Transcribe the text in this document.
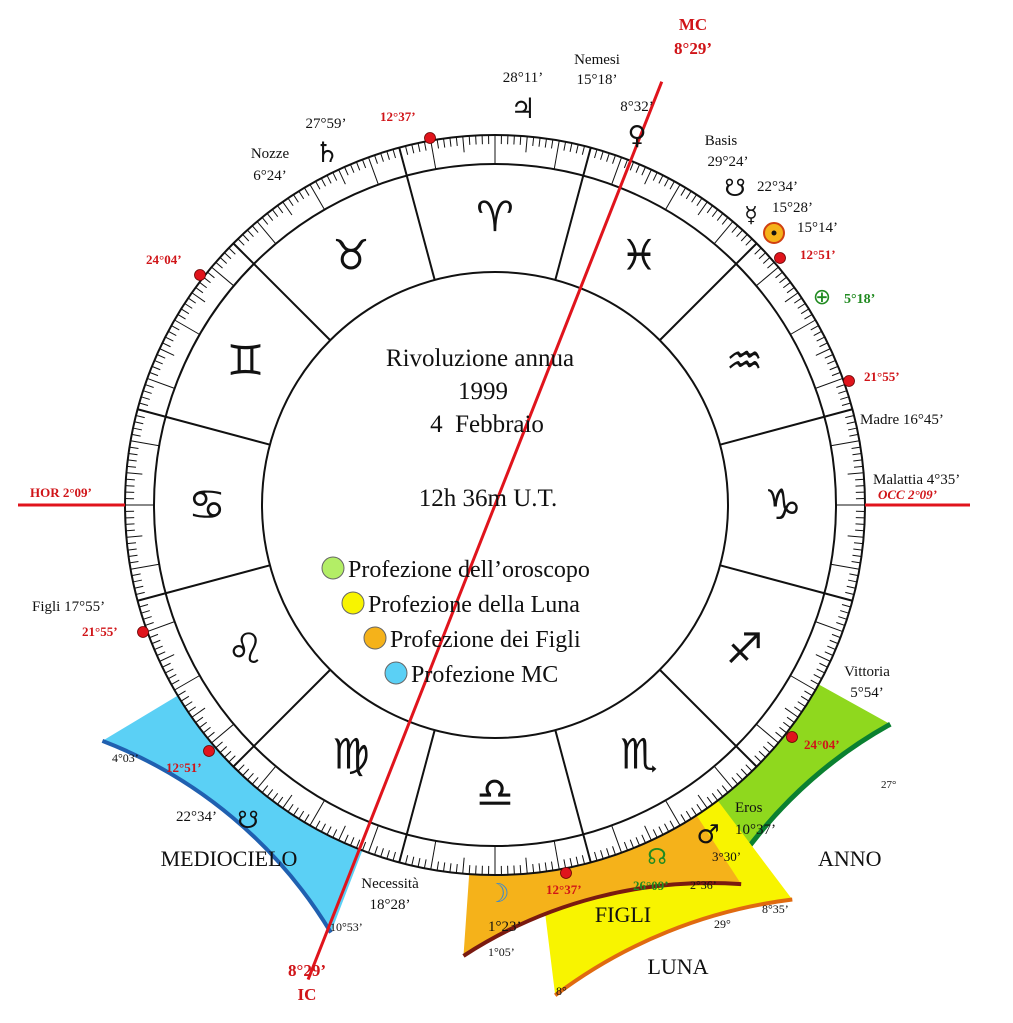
♓
♈
♉
♊
♋
♌
♍
♎
♏
♐
♑
♒
MC
8°29’
8°29’
IC
HOR 2°09’	OCC 2°09’
Rivoluzione annua
1999
4  Febbraio
12h 36m U.T.
Profezione dell’oroscopo
Profezione della Luna
Profezione dei Figli
Profezione MC
28°11’
♃
27°59’
♄
Nemesi
15°18’
8°32’
♀
Nozze
6°24’
Basis
29°24’
☋ 22°34’
☿ 15°28’
15°14’
⊕ 5°18’
Madre 16°45’
Malattia 4°35’
Figli 17°55’
Vittoria
5°54’
Necessità
18°28’
12°37’
24°04’	12°51’
21°55’
21°55’
12°51’
12°37’
24°04’
4°03’
22°34’ ☋
MEDIOCIELO
10°53’
☽
1°23’
1°05’
FIGLI
☊
26°09’ 2°36’
LUNA
8°
29°
8°35’
♂
Eros
10°37’
3°30’	ANNO
27°
